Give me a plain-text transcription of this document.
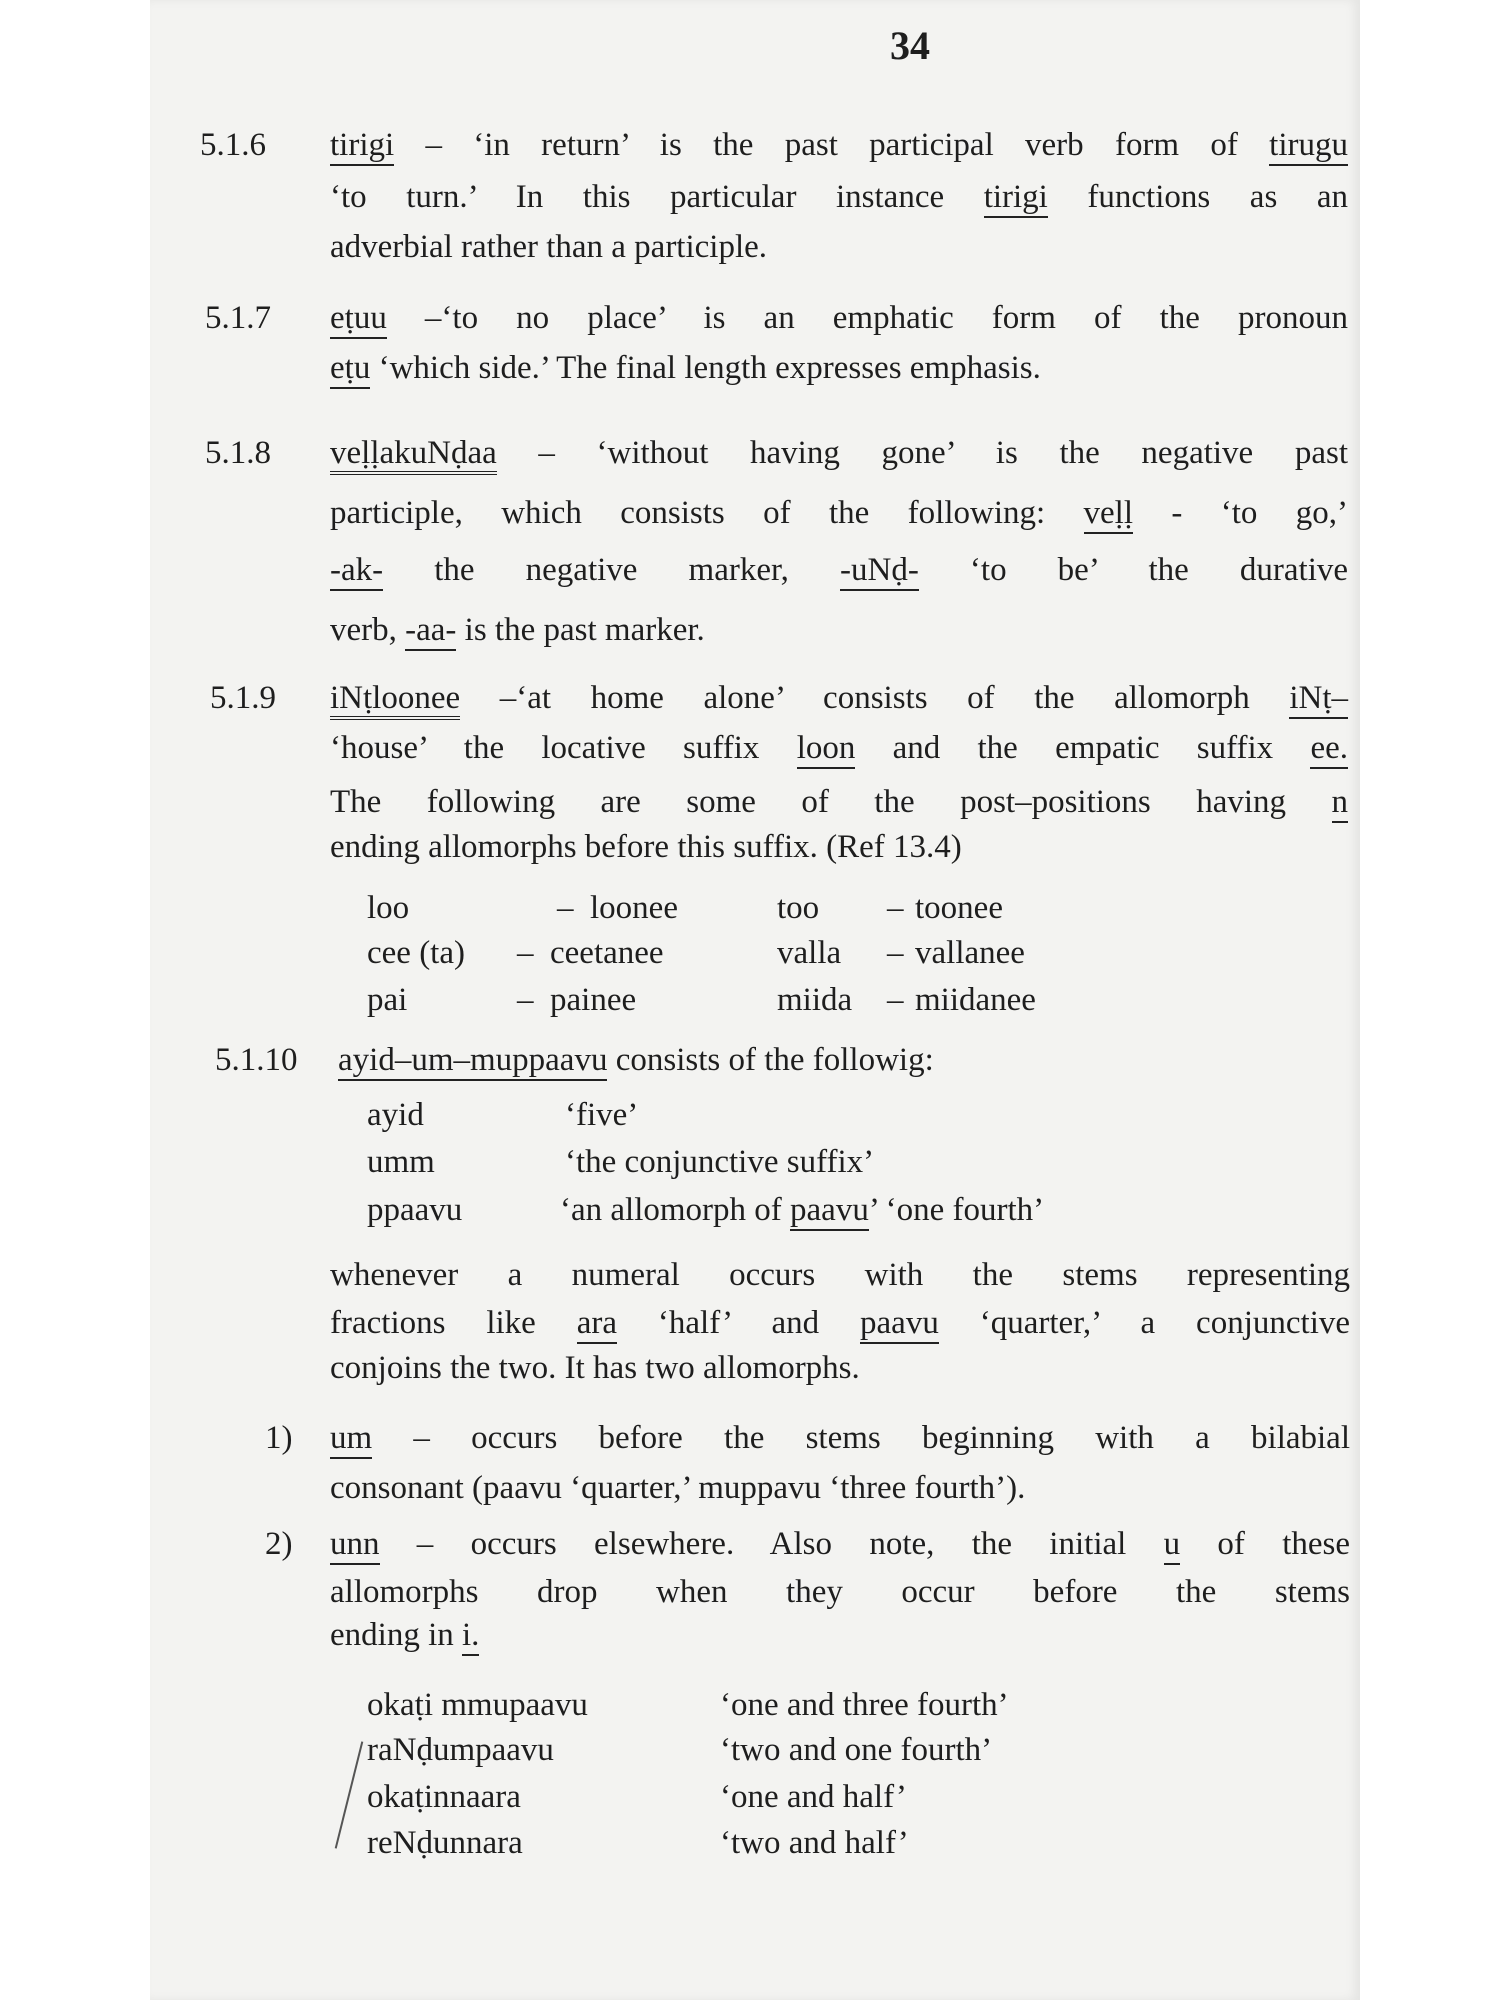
34
5.1.6 tirigi – ‘in return’ is the past participal verb form of tirugu
‘to turn.’ In this particular instance tirigi functions as an
adverbial rather than a participle.
5.1.7 eṭuu –‘to no place’ is an emphatic form of the pronoun
eṭu ‘which side.’ The final length expresses emphasis.
5.1.8 veḷḷakuNḍaa – ‘without having gone’ is the negative past
participle, which consists of the following: veḷḷ - ‘to go,’
-ak- the negative marker, -uNḍ- ‘to be’ the durative
verb, -aa- is the past marker.
5.1.9 iNṭloonee –‘at home alone’ consists of the allomorph iNṭ–
‘house’ the locative suffix loon and the empatic suffix ee.
The following are some of the post–positions having n
ending allomorphs before this suffix. (Ref 13.4)
loo	– loonee	too – toonee
cee (ta) – ceetanee	valla – vallanee
pai	– painee	miida – miidanee
5.1.10 ayid–um–muppaavu consists of the followig:
ayid	‘five’
umm	‘the conjunctive suffix’
ppaavu	‘an allomorph of paavu’ ‘one fourth’
whenever a numeral occurs with the stems representing
fractions like ara ‘half’ and paavu ‘quarter,’ a conjunctive
conjoins the two. It has two allomorphs.
1) um – occurs before the stems beginning with a bilabial
consonant (paavu ‘quarter,’ muppavu ‘three fourth’).
2) unn – occurs elsewhere. Also note, the initial u of these
allomorphs drop when they occur before the stems
ending in i.
okaṭi mmupaavu	‘one and three fourth’
raNḍumpaavu	‘two and one fourth’
okaṭinnaara	‘one and half’
reNḍunnara	‘two and half’
